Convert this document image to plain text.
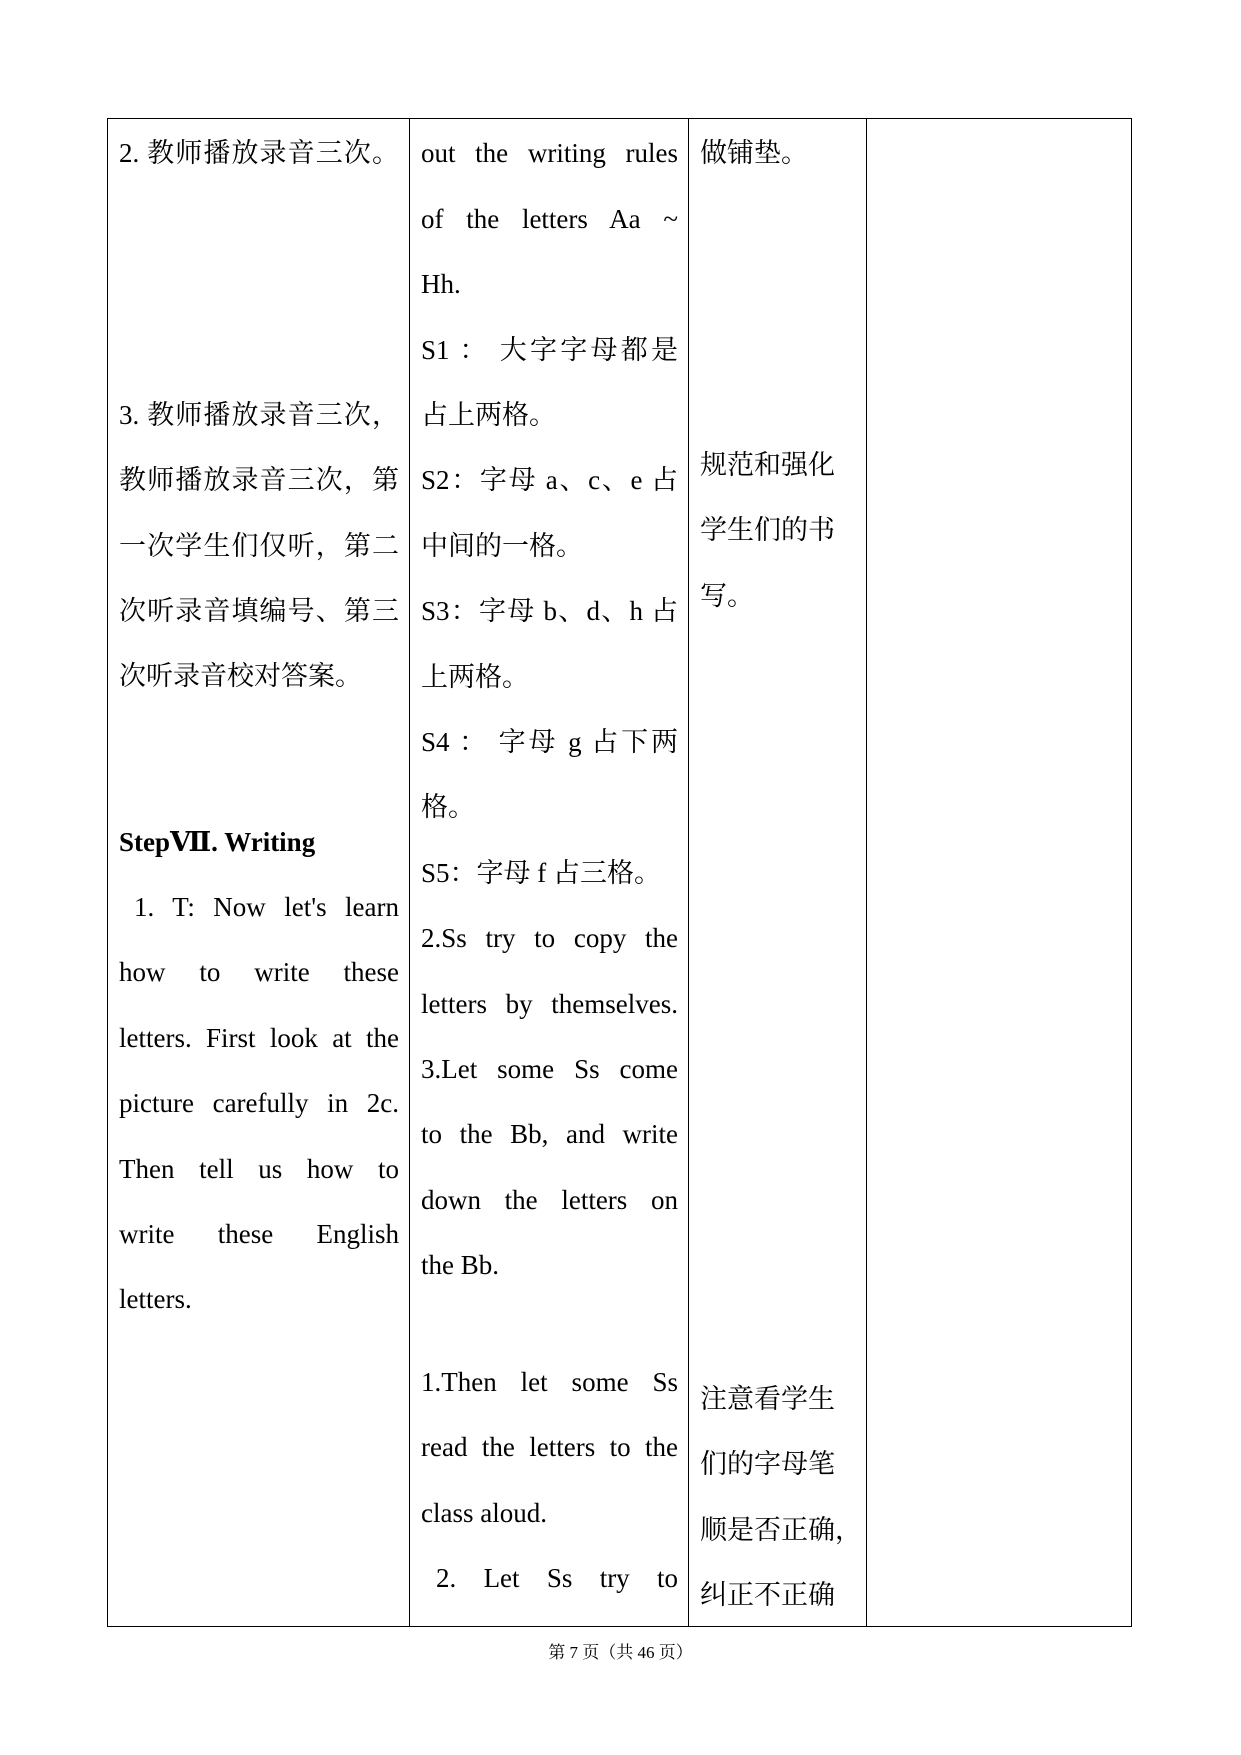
2. 教师播放录音三次。
3. 教师播放录音三次，
教师播放录音三次，第
一次学生们仅听，第二
次听录音填编号、第三
次听录音校对答案。
StepⅦ. Writing
1. T: Now let's learn
how to write these
letters. First look at the
picture carefully in 2c.
Then tell us how to
write these English
letters.
out the writing rules
of the letters Aa ~
Hh.
S1 ： 大字字母都是
占上两格。
S2：字母 a、c、e 占
中间的一格。
S3：字母 b、d、h 占
上两格。
S4 ： 字母 g 占下两
格。
S5：字母 f 占三格。
2.Ss try to copy the
letters by themselves.
3.Let some Ss come
to the Bb, and write
down the letters on
the Bb.
1.Then let some Ss
read the letters to the
class aloud.
2. Let Ss try to
做铺垫。
规范和强化
学生们的书
写。
注意看学生
们的字母笔
顺是否正确，
纠正不正确
第 7 页（共 46 页）
